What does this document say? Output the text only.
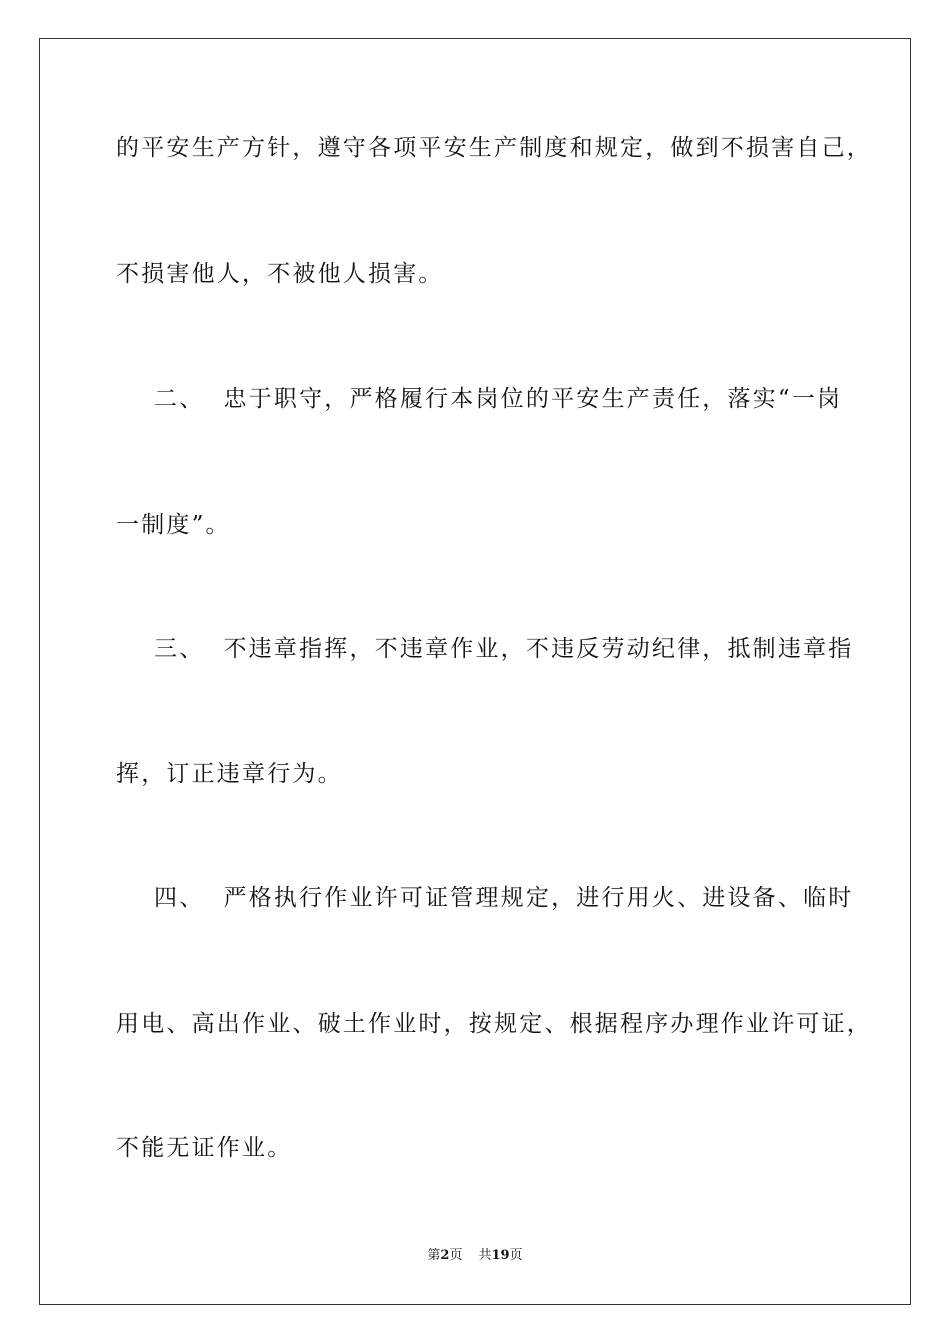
的平安生产方针，遵守各项平安生产制度和规定，做到不损害自己，
不损害他人，不被他人损害。
二、  忠于职守，严格履行本岗位的平安生产责任，落实“一岗
一制度”。
三、  不违章指挥，不违章作业，不违反劳动纪律，抵制违章指
挥，订正违章行为。
四、  严格执行作业许可证管理规定，进行用火、进设备、临时
用电、高出作业、破土作业时，按规定、根据程序办理作业许可证，
不能无证作业。
第2页 共19页
